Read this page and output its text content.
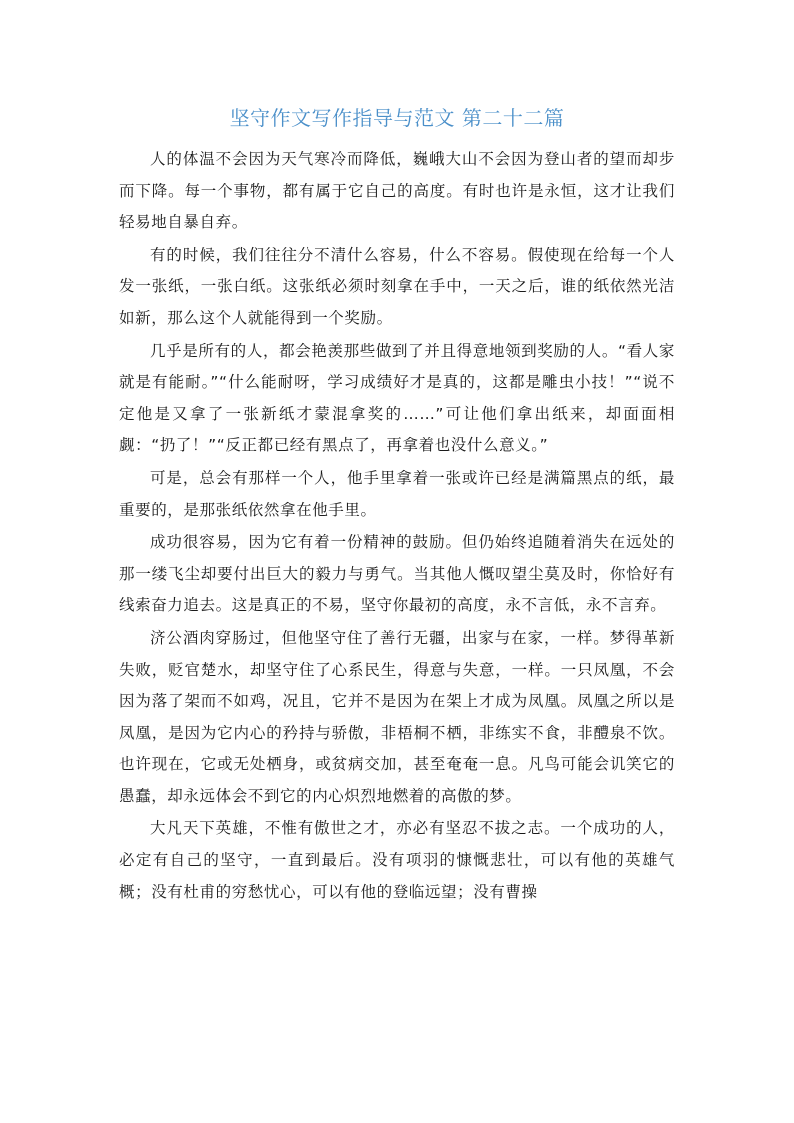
坚守作文写作指导与范文 第二十二篇

人的体温不会因为天气寒冷而降低，巍峨大山不会因为登山者的望而却步而下降。每一个事物，都有属于它自己的高度。有时也许是永恒，这才让我们轻易地自暴自弃。

有的时候，我们往往分不清什么容易，什么不容易。假使现在给每一个人发一张纸，一张白纸。这张纸必须时刻拿在手中，一天之后，谁的纸依然光洁如新，那么这个人就能得到一个奖励。

几乎是所有的人，都会艳羡那些做到了并且得意地领到奖励的人。“看人家就是有能耐。”“什么能耐呀，学习成绩好才是真的，这都是雕虫小技！”“说不定他是又拿了一张新纸才蒙混拿奖的……”可让他们拿出纸来，却面面相觑：“扔了！”“反正都已经有黑点了，再拿着也没什么意义。”

可是，总会有那样一个人，他手里拿着一张或许已经是满篇黑点的纸，最重要的，是那张纸依然拿在他手里。

成功很容易，因为它有着一份精神的鼓励。但仍始终追随着消失在远处的那一缕飞尘却要付出巨大的毅力与勇气。当其他人慨叹望尘莫及时，你恰好有线索奋力追去。这是真正的不易，坚守你最初的高度，永不言低，永不言弃。

济公酒肉穿肠过，但他坚守住了善行无疆，出家与在家，一样。梦得革新失败，贬官楚水，却坚守住了心系民生，得意与失意，一样。一只凤凰，不会因为落了架而不如鸡，况且，它并不是因为在架上才成为凤凰。凤凰之所以是凤凰，是因为它内心的矜持与骄傲，非梧桐不栖，非练实不食，非醴泉不饮。也许现在，它或无处栖身，或贫病交加，甚至奄奄一息。凡鸟可能会讥笑它的愚蠢，却永远体会不到它的内心炽烈地燃着的高傲的梦。

大凡天下英雄，不惟有傲世之才，亦必有坚忍不拔之志。一个成功的人，必定有自己的坚守，一直到最后。没有项羽的慷慨悲壮，可以有他的英雄气概；没有杜甫的穷愁忧心，可以有他的登临远望；没有曹操
